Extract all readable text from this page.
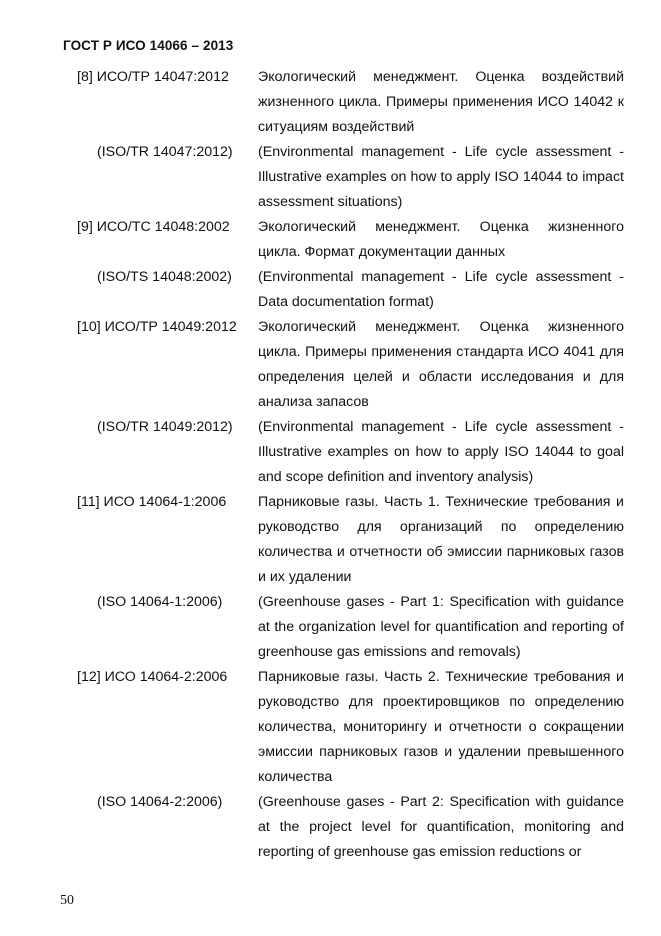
ГОСТ Р ИСО 14066 – 2013
[8] ИСО/ТР 14047:2012 Экологический менеджмент. Оценка воздействий жизненного цикла. Примеры применения ИСО 14042 к ситуациям воздействий
(ISO/TR 14047:2012) (Environmental management - Life cycle assessment - Illustrative examples on how to apply ISO 14044 to impact assessment situations)
[9] ИСО/ТС 14048:2002 Экологический менеджмент. Оценка жизненного цикла. Формат документации данных
(ISO/TS 14048:2002) (Environmental management - Life cycle assessment - Data documentation format)
[10] ИСО/ТР 14049:2012 Экологический менеджмент. Оценка жизненного цикла. Примеры применения стандарта ИСО 4041 для определения целей и области исследования и для анализа запасов
(ISO/TR 14049:2012) (Environmental management - Life cycle assessment - Illustrative examples on how to apply ISO 14044 to goal and scope definition and inventory analysis)
[11] ИСО 14064-1:2006 Парниковые газы. Часть 1. Технические требования и руководство для организаций по определению количества и отчетности об эмиссии парниковых газов и их удалении
(ISO 14064-1:2006)	(Greenhouse gases - Part 1: Specification with guidance at the organization level for quantification and reporting of greenhouse gas emissions and removals)
[12] ИСО 14064-2:2006 Парниковые газы. Часть 2. Технические требования и руководство для проектировщиков по определению количества, мониторингу и отчетности о сокращении эмиссии парниковых газов и удалении превышенного количества
(ISO 14064-2:2006)	(Greenhouse gases - Part 2: Specification with guidance at the project level for quantification, monitoring and reporting of greenhouse gas emission reductions or
50
